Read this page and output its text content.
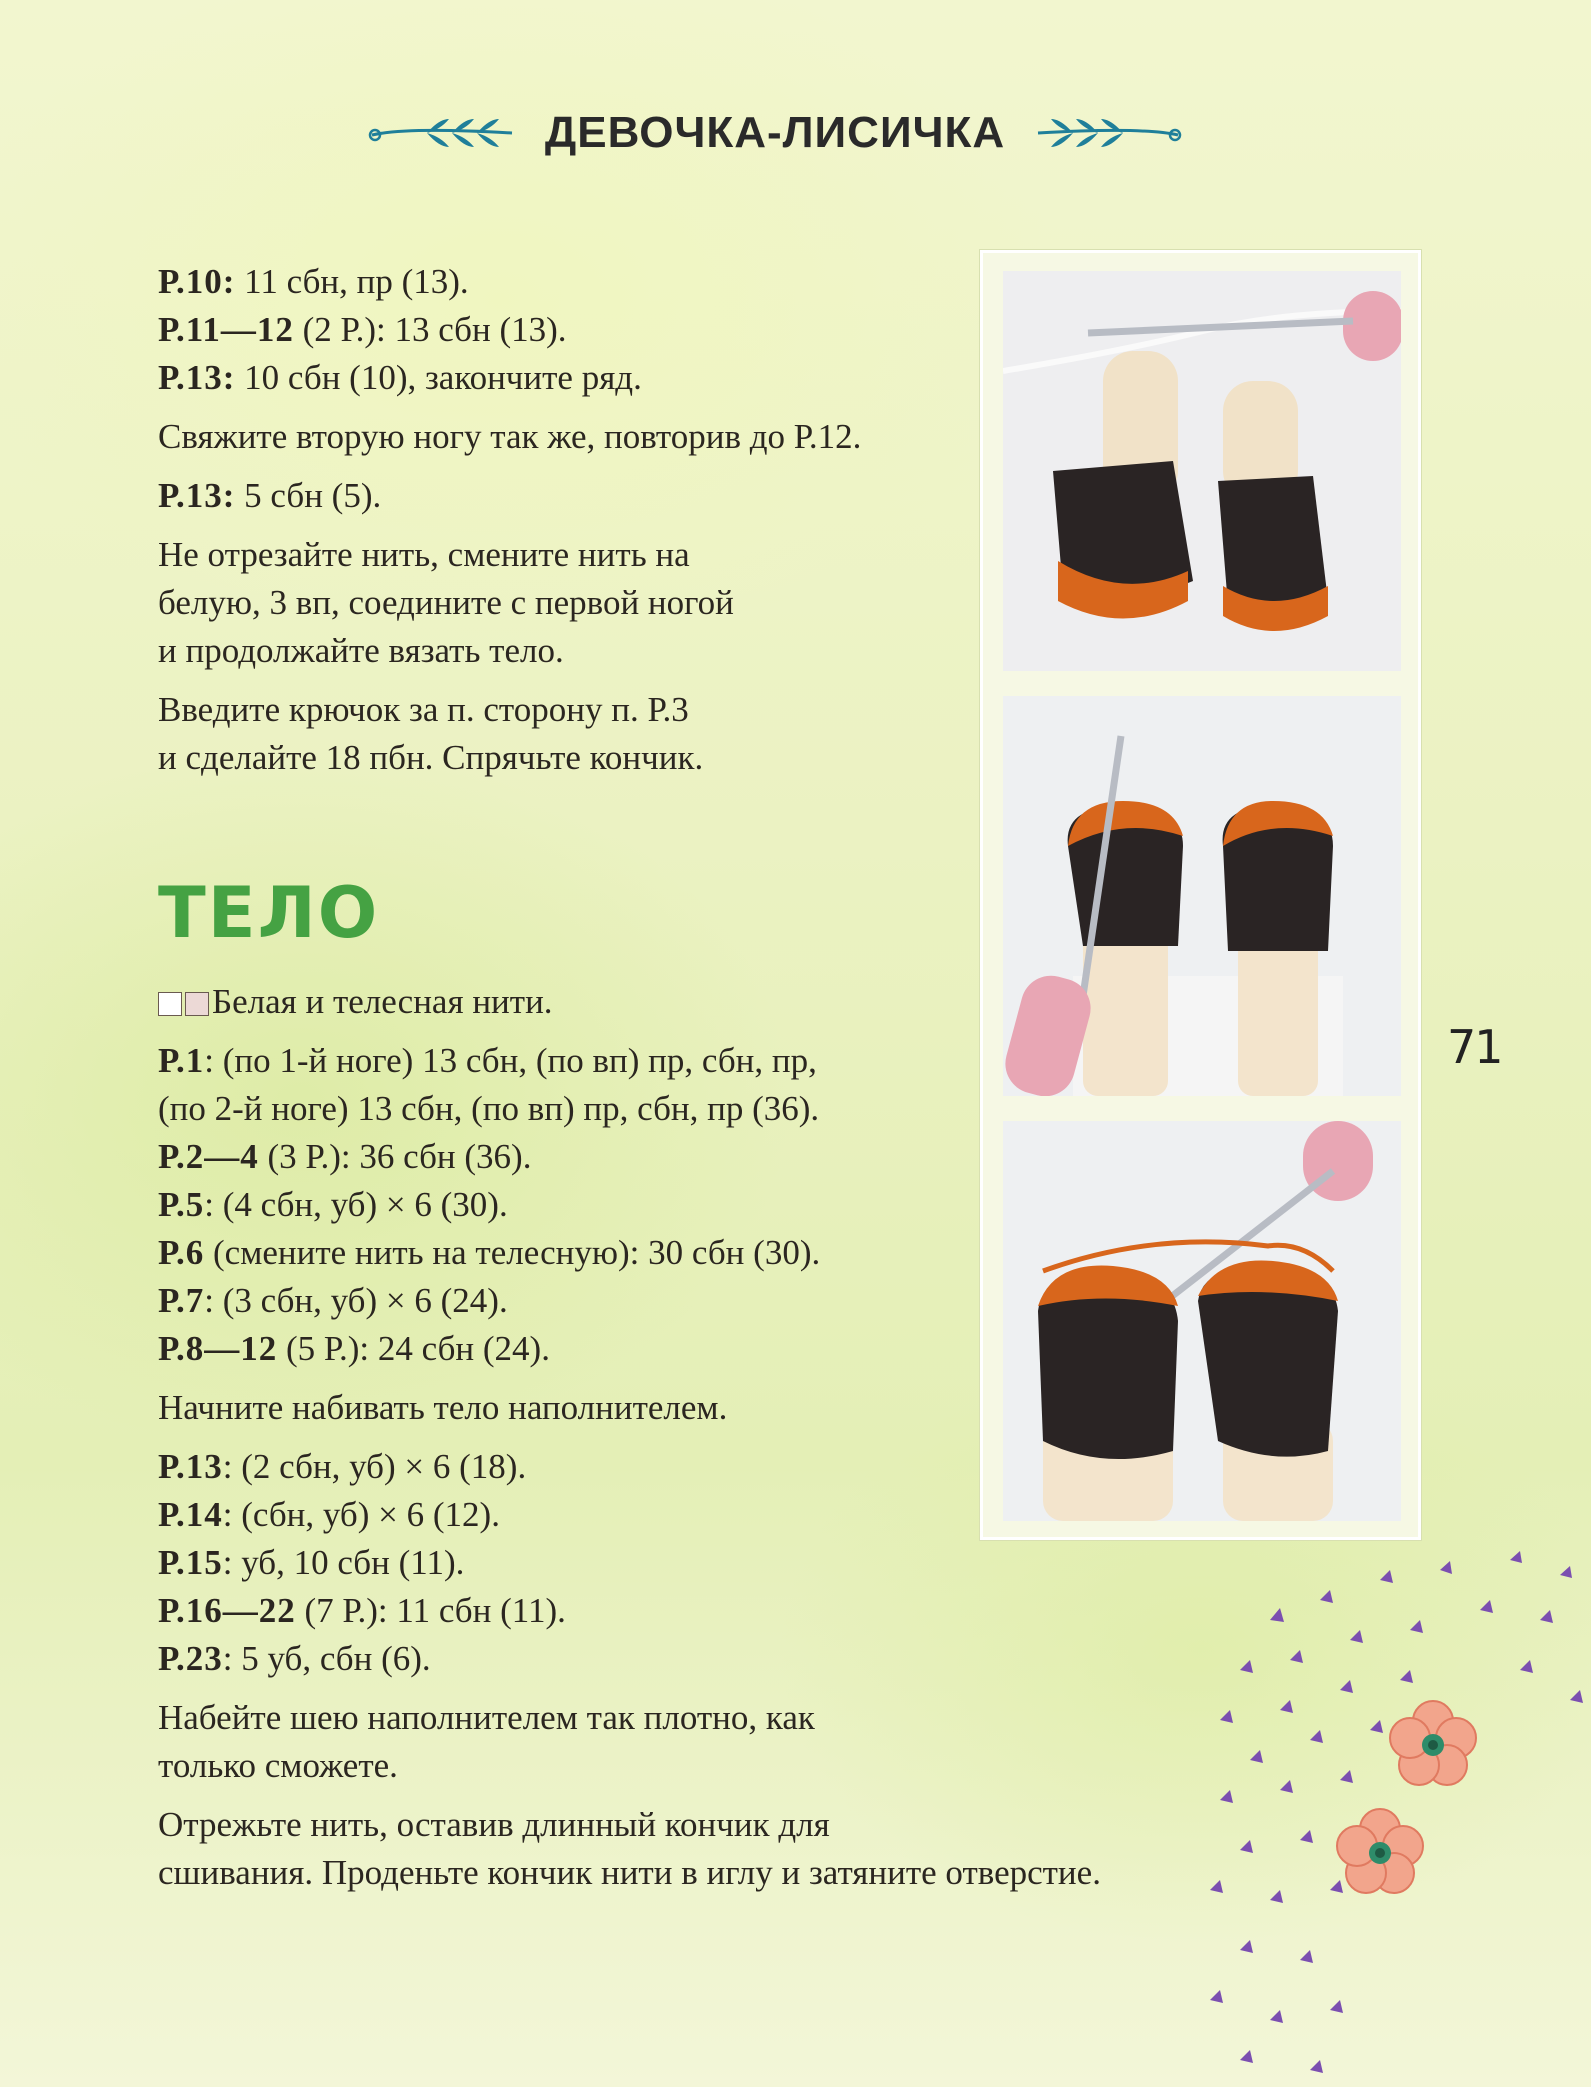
ДЕВОЧКА-ЛИСИЧКА

Р.10: 11 сбн, пр (13).

Р.11—12 (2 Р.): 13 сбн (13).

Р.13: 10 сбн (10), закончите ряд.

Свяжите вторую ногу так же, повторив до Р.12.

Р.13: 5 сбн (5).

Не отрезайте нить, смените нить на
белую, 3 вп, соедините с первой ногой
и продолжайте вязать тело.

Введите крючок за п. сторону п. Р.3
и сделайте 18 пбн. Спрячьте кончик.

ТЕЛО

Белая и телесная нити.

Р.1: (по 1-й ноге) 13 сбн, (по вп) пр, сбн, пр,
(по 2-й ноге) 13 сбн, (по вп) пр, сбн, пр (36).

Р.2—4 (3 Р.): 36 сбн (36).

Р.5: (4 сбн, уб) × 6 (30).

Р.6 (смените нить на телесную): 30 сбн (30).

Р.7: (3 сбн, уб) × 6 (24).

Р.8—12 (5 Р.): 24 сбн (24).

Начните набивать тело наполнителем.

Р.13: (2 сбн, уб) × 6 (18).

Р.14: (сбн, уб) × 6 (12).

Р.15: уб, 10 сбн (11).

Р.16—22 (7 Р.): 11 сбн (11).

Р.23: 5 уб, сбн (6).

Набейте шею наполнителем так плотно, как
только сможете.

Отрежьте нить, оставив длинный кончик для
сшивания. Проденьте кончик нити в иглу и затяните отверстие.

71
